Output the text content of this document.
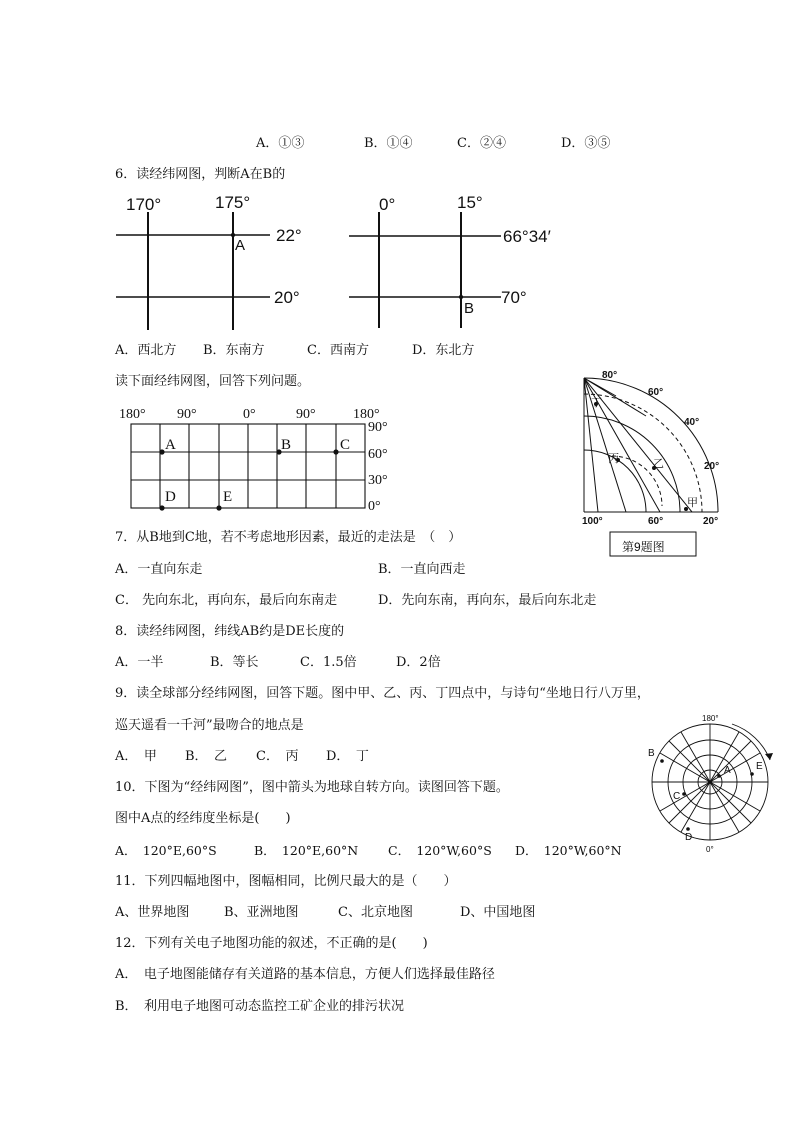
A．①③	B．①④	C．②④	D．③⑤
6．读经纬网图，判断A在B的
170°	175°
22°
20°
A
0°	15°
66°34′
70°
B
A．西北方 B．东南方	C．西南方	D．东北方
读下面经纬网图，回答下列问题。
180° 90°	0°	90°	180°
90°
60°
30°
0°
A	B	C
D	E
80°
60°
40°
20°
100°	60°	20°
丁
丙	乙
甲
第9题图
7．从B地到C地，若不考虑地形因素，最近的走法是　（　）
A．一直向东走	B．一直向西走
C． 先向东北，再向东，最后向东南走	D．先向东南，再向东，最后向东北走
8．读经纬网图，纬线AB约是DE长度的
A．一半	B．等长	C．1.5倍	D．2倍
9．读全球部分经纬网图，回答下题。图中甲、乙、丙、丁四点中，与诗句“坐地日行八万里，
巡天遥看一千河”最吻合的地点是
A．　甲 B．　乙 C．　丙 D．　丁
180°
0°
A
B
C
D
E
10．下图为“经纬网图”，图中箭头为地球自转方向。读图回答下题。
图中A点的经纬度坐标是(　　)
A．　120°E,60°S	B．　120°E,60°N C．　120°W,60°S D．　120°W,60°N
11．下列四幅地图中，图幅相同，比例尺最大的是（　　）
A、世界地图	B、亚洲地图	C、北京地图	D、中国地图
12．下列有关电子地图功能的叙述，不正确的是(　　)
A．　电子地图能储存有关道路的基本信息，方便人们选择最佳路径
B．　利用电子地图可动态监控工矿企业的排污状况
